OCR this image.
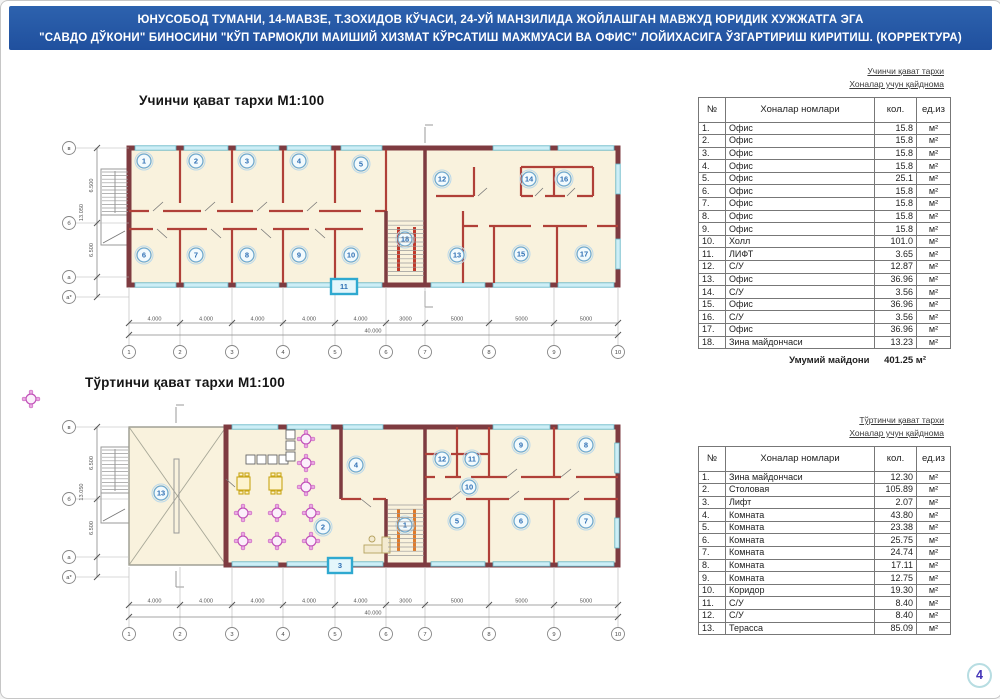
ЮНУСОБОД ТУМАНИ, 14-МАВЗЕ, Т.ЗОХИДОВ КЎЧАСИ, 24-УЙ МАНЗИЛИДА ЖОЙЛАШГАН МАВЖУД ЮРИДИК ХУЖЖАТГА ЭГА
"САВДО ДЎКОНИ" БИНОСИНИ "КЎП ТАРМОҚЛИ МАИШИЙ ХИЗМАТ КЎРСАТИШ МАЖМУАСИ ВА ОФИС" ЛОЙИХАСИГА ЎЗГАРТИРИШ КИРИТИШ. (КОРРЕКТУРА)
Учинчи қават тархи М1:100
Тўртинчи қават тархи М1:100
4.000	4.000	4.000	4.000	4.000	3000	5000	5000	5000
40.000
1	2	3	4	5	6	7	8	9	10
в
б
а
а*
6.500
6.500
13.050
1	2	3	4	5
6	7	8	9	10
12
13
14
15
16
17
18
11
4.000	4.000	4.000	4.000	4.000	3000	5000	5000	5000
40.000
1	2	3	4	5	6	7	8	9	10
в
б
а
а*
6.500
6.500
13.050
1
2
4
5	6	7
8
9
10
11
12
13
3
Учинчи қават тархи
Хоналар учун қайднома
№	Хоналар номлари	кол.	ед.из
1.	Офис	15.8	м²
2.	Офис	15.8	м²
3.	Офис	15.8	м²
4.	Офис	15.8	м²
5.	Офис	25.1	м²
6.	Офис	15.8	м²
7.	Офис	15.8	м²
8.	Офис	15.8	м²
9.	Офис	15.8	м²
10.	Холл	101.0	м²
11.	ЛИФТ	3.65	м²
12.	С/У	12.87	м²
13.	Офис	36.96	м²
14.	С/У	3.56	м²
15.	Офис	36.96	м²
16.	С/У	3.56	м²
17.	Офис	36.96	м²
18.	Зина майдончаси	13.23	м²
Умумий майдони 401.25 м²
Тўртинчи қават тархи
Хоналар учун қайднома
№	Хоналар номлари	кол.	ед.из
1.	Зина майдончаси	12.30	м²
2.	Столовая	105.89	м²
3.	Лифт	2.07	м²
4.	Комната	43.80	м²
5.	Комната	23.38	м²
6.	Комната	25.75	м²
7.	Комната	24.74	м²
8.	Комната	17.11	м²
9.	Комната	12.75	м²
10.	Коридор	19.30	м²
11.	С/У	8.40	м²
12.	С/У	8.40	м²
13.	Терасса	85.09	м²
4
